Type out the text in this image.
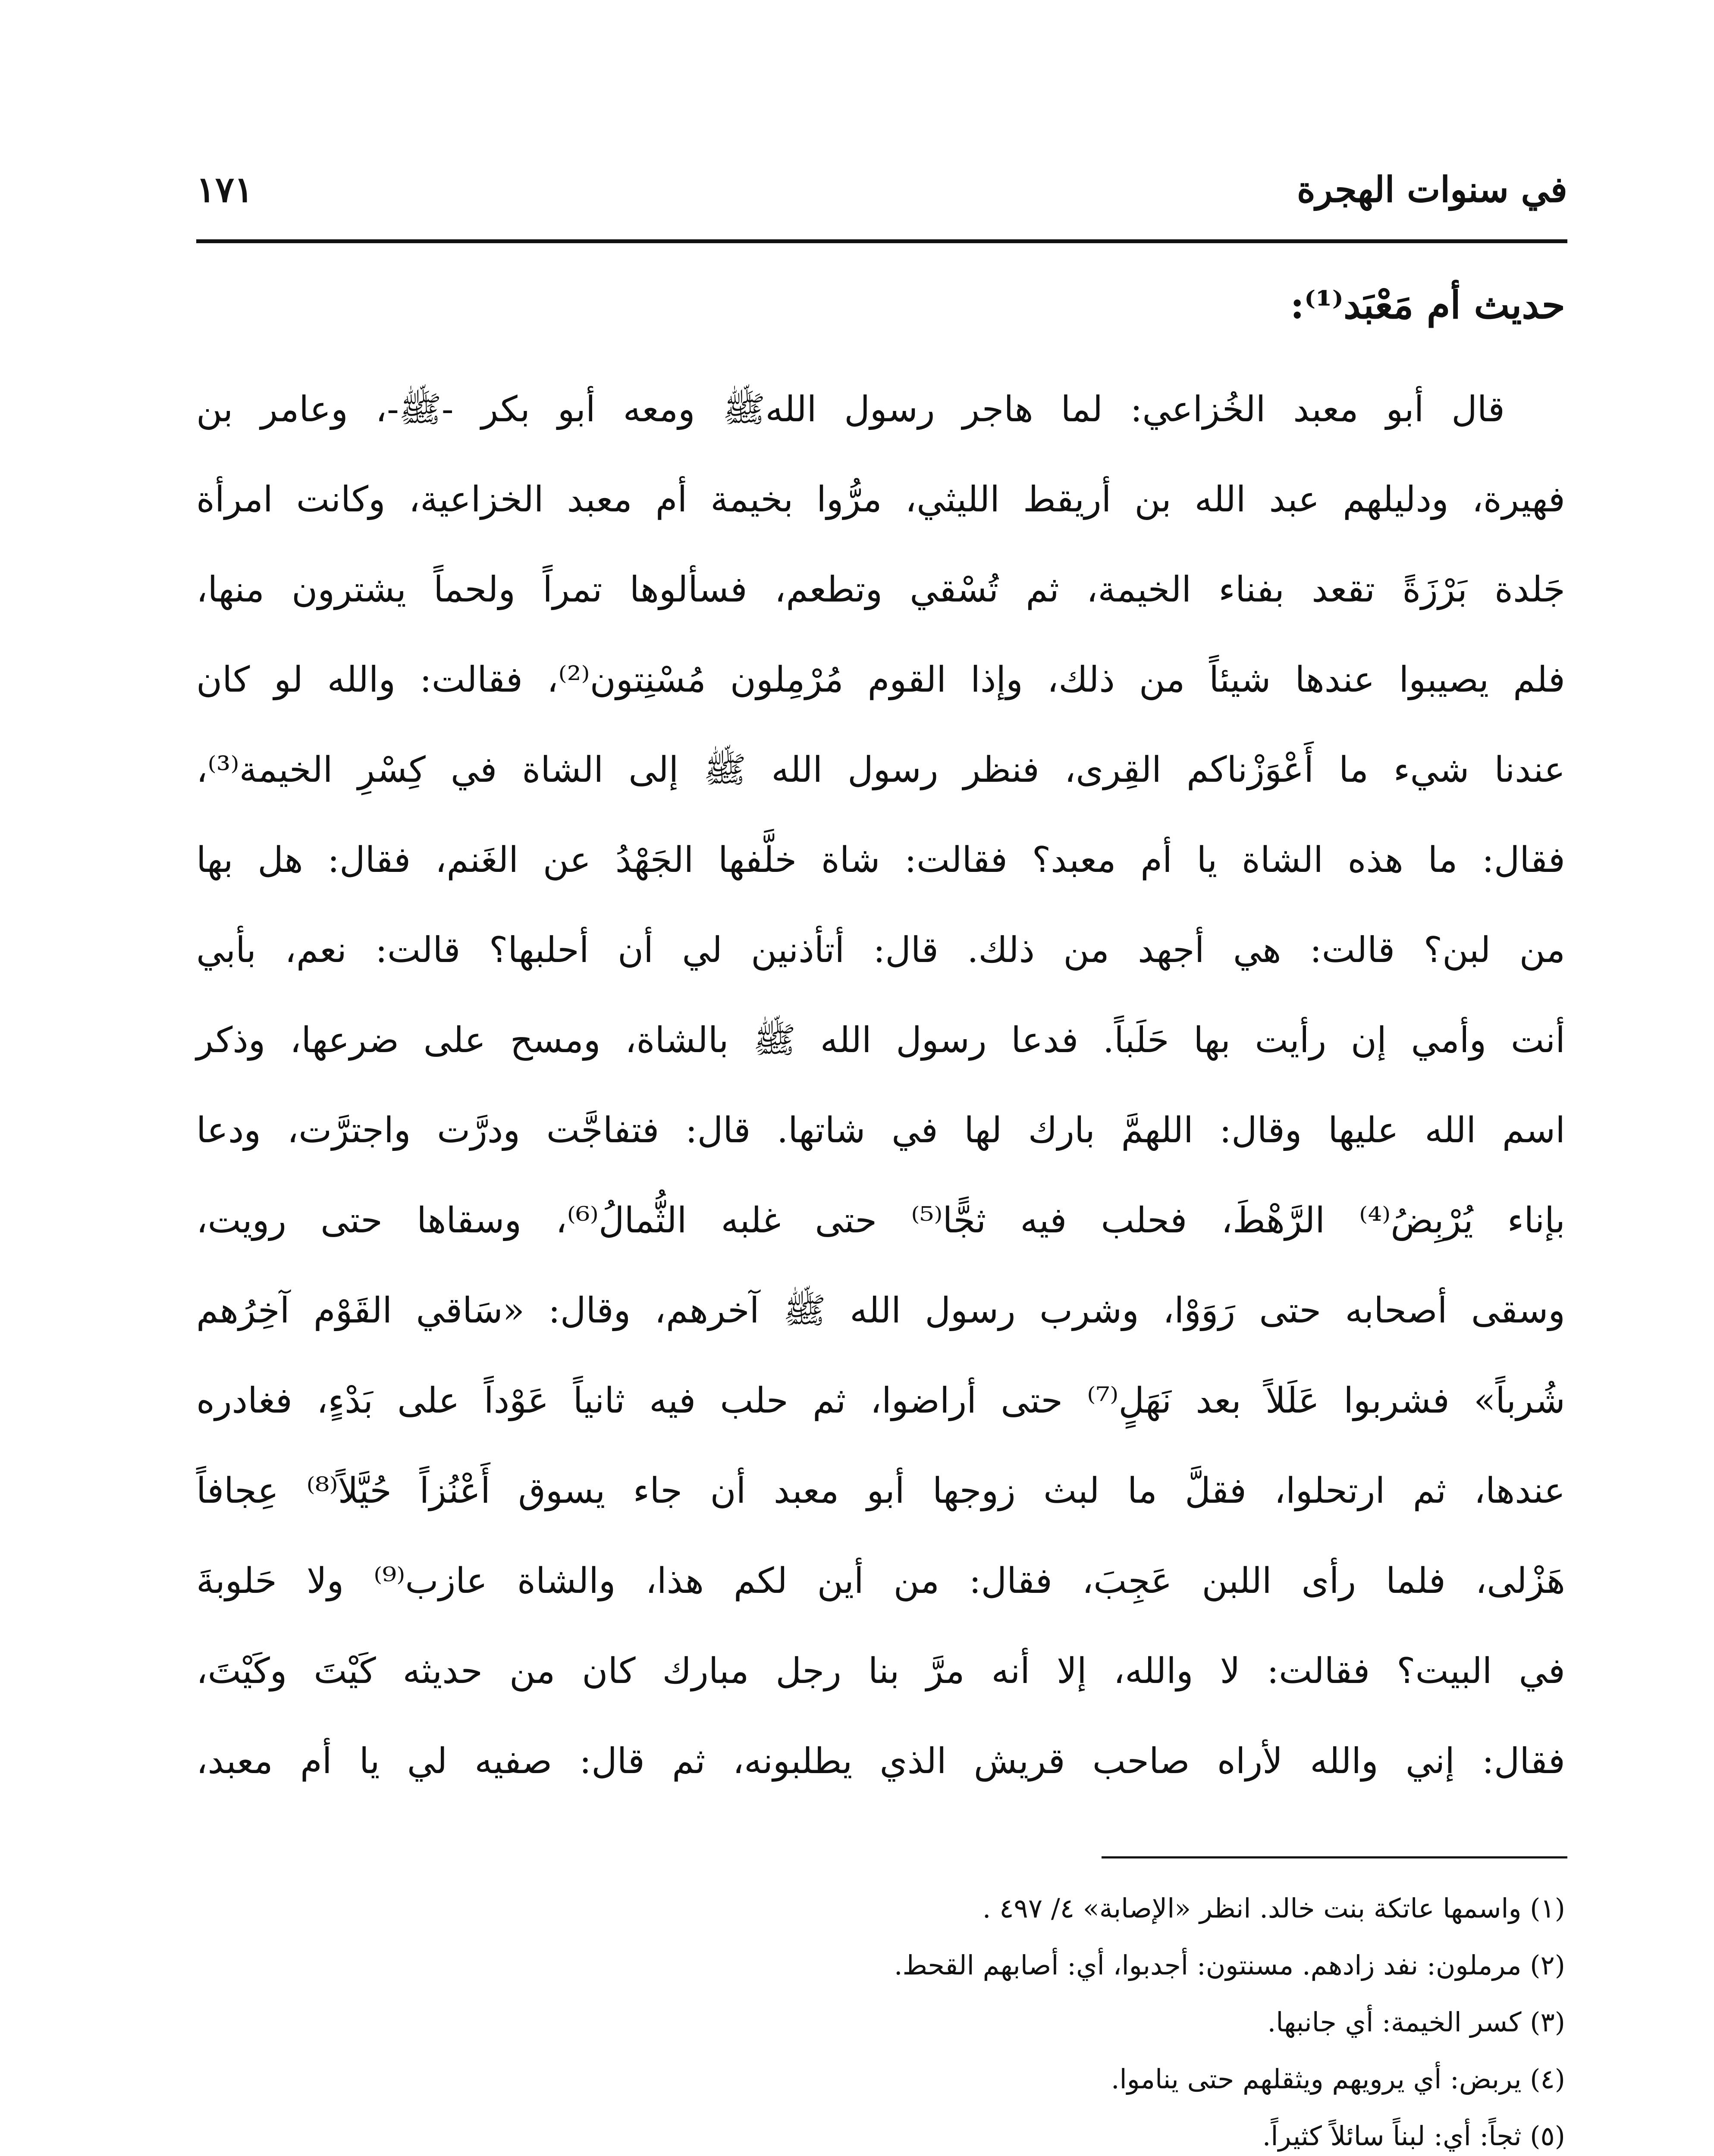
في سنوات الهجرة
١٧١
حديث أم مَعْبَد⁽¹⁾:

قال أبو معبد الخُزاعي: لما هاجر رسول اللهﷺ ومعه أبو بكر -ﷺ-، وعامر بن

فهيرة، ودليلهم عبد الله بن أريقط الليثي، مرُّوا بخيمة أم معبد الخزاعية، وكانت امرأة

جَلدة بَرْزَةً تقعد بفناء الخيمة، ثم تُسْقي وتطعم، فسألوها تمراً ولحماً يشترون منها،

فلم يصيبوا عندها شيئاً من ذلك، وإذا القوم مُرْمِلون مُسْنِتون⁽²⁾، فقالت: والله لو كان

عندنا شيء ما أَعْوَزْناكم القِرى، فنظر رسول الله ﷺ إلى الشاة في كِسْرِ الخيمة⁽³⁾،

فقال: ما هذه الشاة يا أم معبد؟ فقالت: شاة خلَّفها الجَهْدُ عن الغَنم، فقال: هل بها

من لبن؟ قالت: هي أجهد من ذلك. قال: أتأذنين لي أن أحلبها؟ قالت: نعم، بأبي

أنت وأمي إن رأيت بها حَلَباً. فدعا رسول الله ﷺ بالشاة، ومسح على ضرعها، وذكر

اسم الله عليها وقال: اللهمَّ بارك لها في شاتها. قال: فتفاجَّت ودرَّت واجترَّت، ودعا

بإناء يُرْبِضُ⁽⁴⁾ الرَّهْطَ، فحلب فيه ثجًّا⁽⁵⁾ حتى غلبه الثُّمالُ⁽⁶⁾، وسقاها حتى رويت،

وسقى أصحابه حتى رَوَوْا، وشرب رسول الله ﷺ آخرهم، وقال: «سَاقي القَوْم آخِرُهم

شُرباً» فشربوا عَلَلاً بعد نَهَلٍ⁽⁷⁾ حتى أراضوا، ثم حلب فيه ثانياً عَوْداً على بَدْءٍ، فغادره

عندها، ثم ارتحلوا، فقلَّ ما لبث زوجها أبو معبد أن جاء يسوق أَعْنُزاً حُيَّلاً⁽⁸⁾ عِجافاً

هَزْلى، فلما رأى اللبن عَجِبَ، فقال: من أين لكم هذا، والشاة عازب⁽⁹⁾ ولا حَلوبةَ

في البيت؟ فقالت: لا والله، إلا أنه مرَّ بنا رجل مبارك كان من حديثه كَيْتَ وكَيْتَ،

فقال: إني والله لأراه صاحب قريش الذي يطلبونه، ثم قال: صفيه لي يا أم معبد،

(١) واسمها عاتكة بنت خالد. انظر «الإصابة» ٤/ ٤٩٧ .

(٢) مرملون: نفد زادهم. مسنتون: أجدبوا، أي: أصابهم القحط.

(٣) كسر الخيمة: أي جانبها.

(٤) يربض: أي يرويهم ويثقلهم حتى يناموا.

(٥) ثجاً: أي: لبناً سائلاً كثيراً.
